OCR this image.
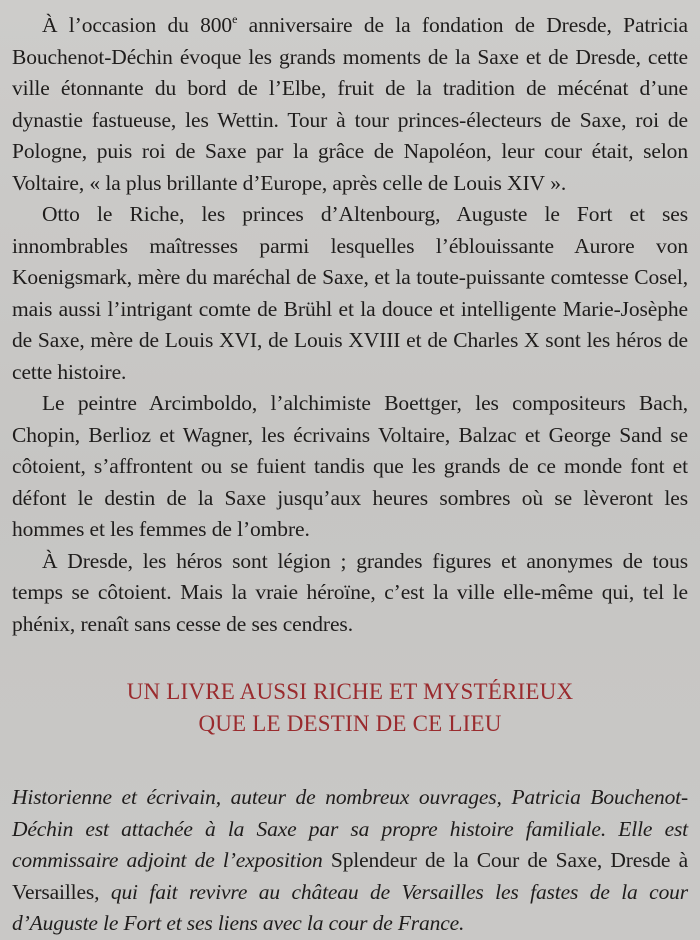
À l’occasion du 800e anniversaire de la fondation de Dresde, Patricia Bouchenot-Déchin évoque les grands moments de la Saxe et de Dresde, cette ville étonnante du bord de l’Elbe, fruit de la tradition de mécénat d’une dynastie fastueuse, les Wettin. Tour à tour princes-électeurs de Saxe, roi de Pologne, puis roi de Saxe par la grâce de Napoléon, leur cour était, selon Voltaire, « la plus brillante d’Europe, après celle de Louis XIV ».

Otto le Riche, les princes d’Altenbourg, Auguste le Fort et ses innombrables maîtresses parmi lesquelles l’éblouissante Aurore von Koenigsmark, mère du maréchal de Saxe, et la toute-puissante comtesse Cosel, mais aussi l’intrigant comte de Brühl et la douce et intelligente Marie-Josèphe de Saxe, mère de Louis XVI, de Louis XVIII et de Charles X sont les héros de cette histoire.

Le peintre Arcimboldo, l’alchimiste Boettger, les compositeurs Bach, Chopin, Berlioz et Wagner, les écrivains Voltaire, Balzac et George Sand se côtoient, s’affrontent ou se fuient tandis que les grands de ce monde font et défont le destin de la Saxe jusqu’aux heures sombres où se lèveront les hommes et les femmes de l’ombre.

À Dresde, les héros sont légion ; grandes figures et anonymes de tous temps se côtoient. Mais la vraie héroïne, c’est la ville elle-même qui, tel le phénix, renaît sans cesse de ses cendres.

UN LIVRE AUSSI RICHE ET MYSTÉRIEUX
QUE LE DESTIN DE CE LIEU

Historienne et écrivain, auteur de nombreux ouvrages, Patricia Bouchenot-Déchin est attachée à la Saxe par sa propre histoire familiale. Elle est commissaire adjoint de l’exposition Splendeur de la Cour de Saxe, Dresde à Versailles, qui fait revivre au château de Versailles les fastes de la cour d’Auguste le Fort et ses liens avec la cour de France.
